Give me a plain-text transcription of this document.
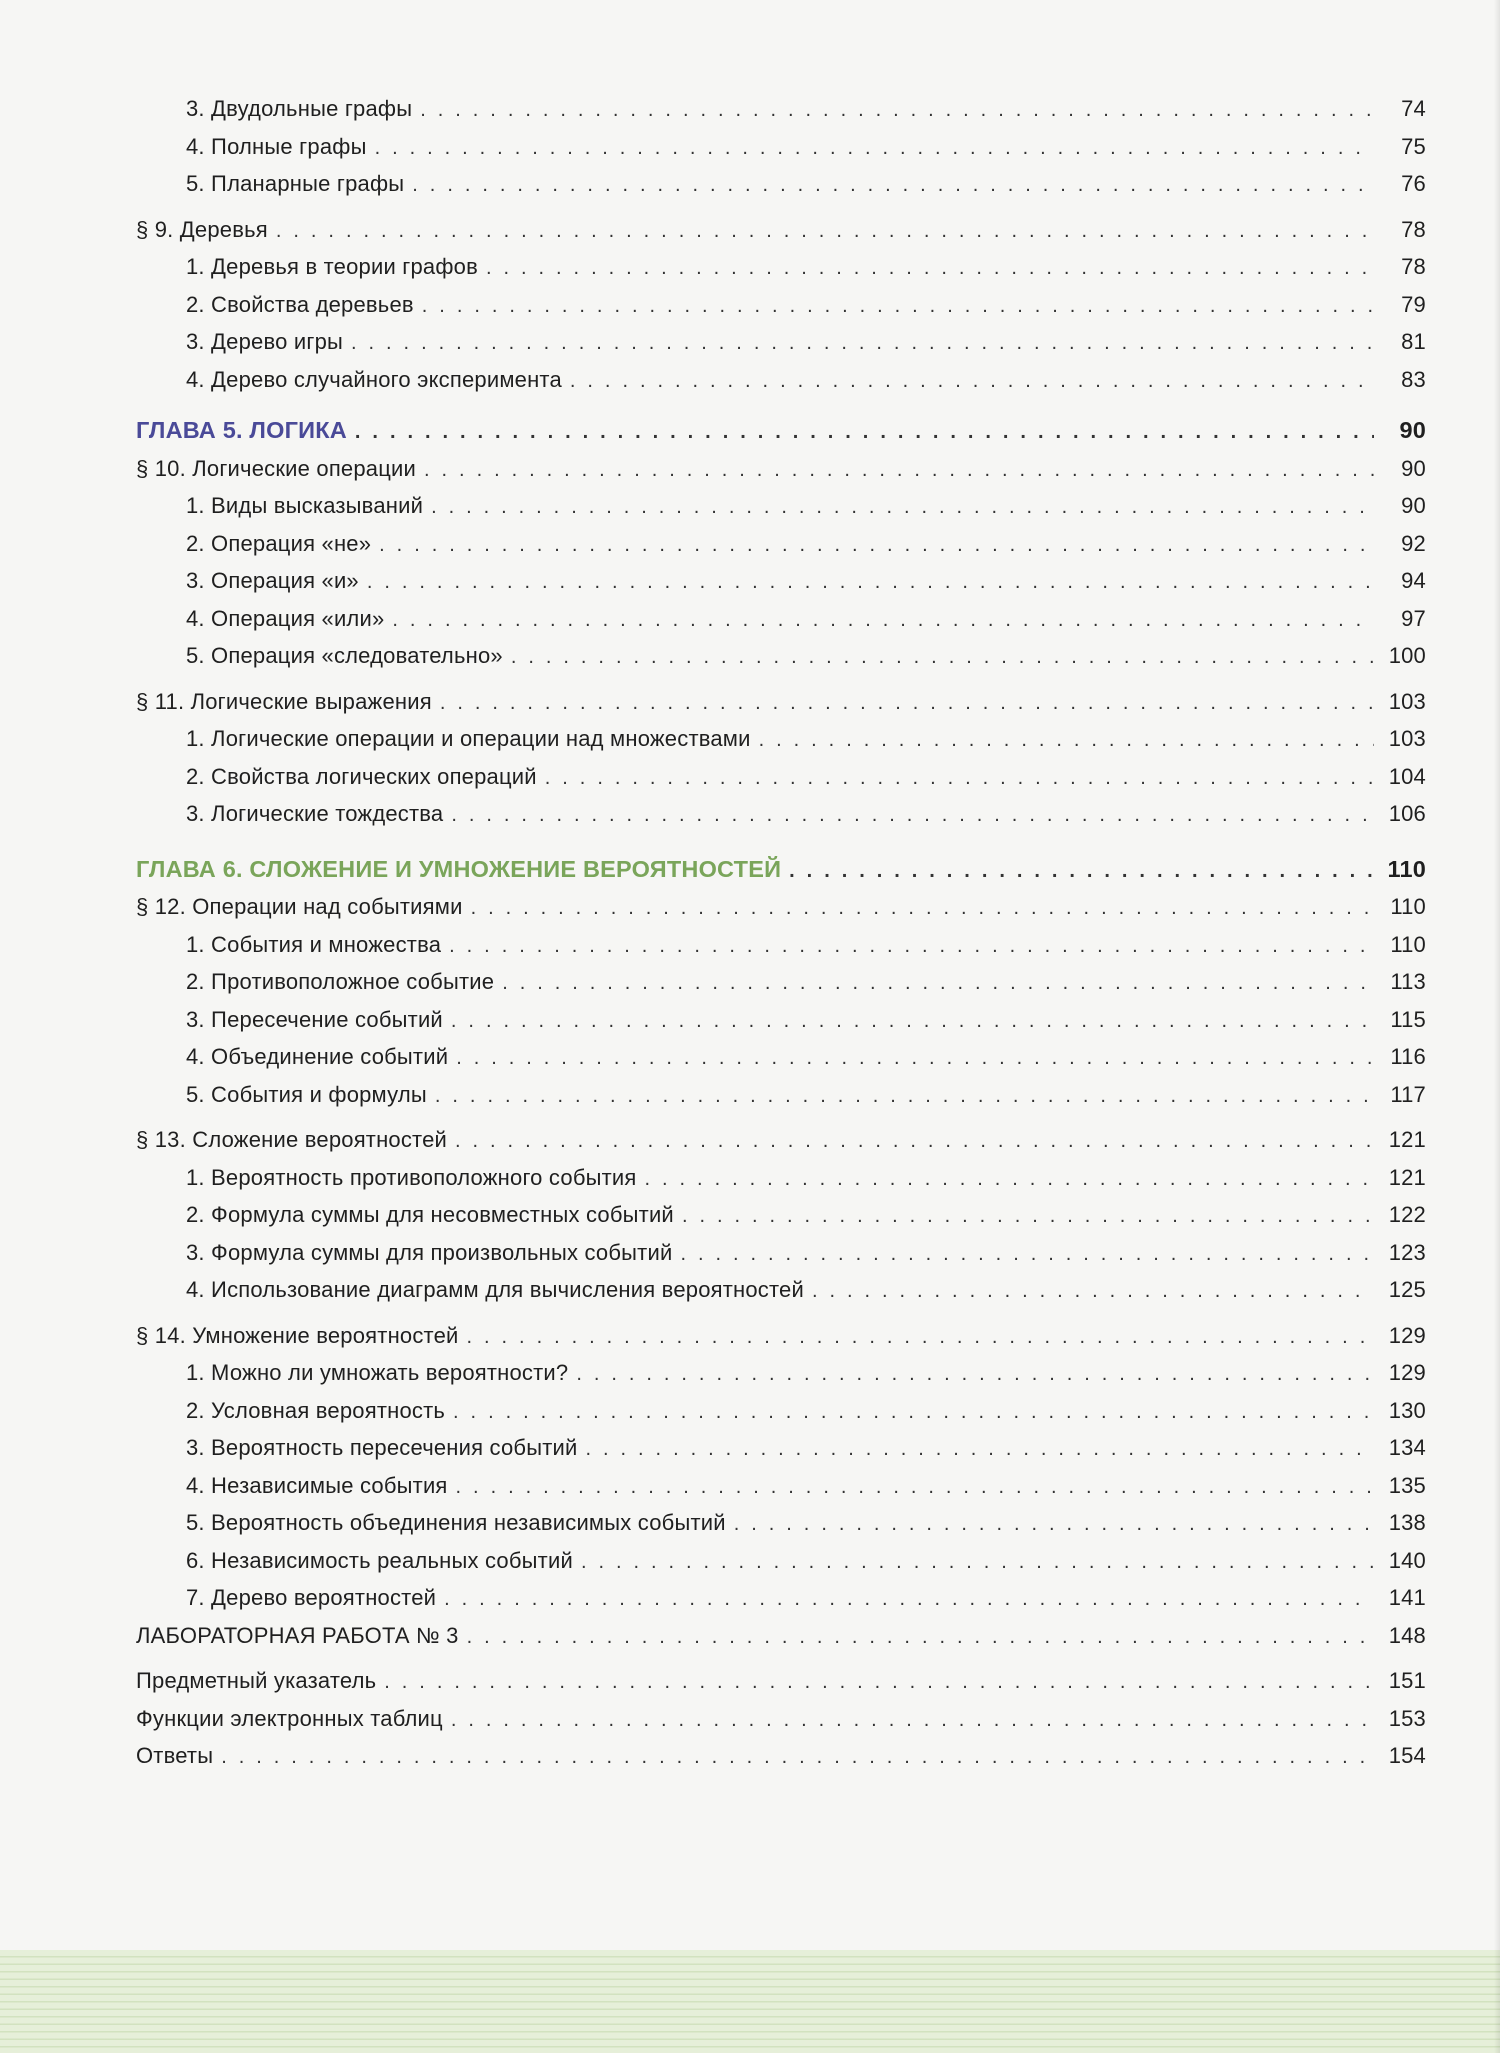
3. Двудольные графы . . .	74
4. Полные графы . . .	75
5. Планарные графы . . .	76
§ 9. Деревья . . .	78
1. Деревья в теории графов . . .	78
2. Свойства деревьев . . .	79
3. Дерево игры . . .	81
4. Дерево случайного эксперимента . . .	83
ГЛАВА 5. ЛОГИКА . . .	90
§ 10. Логические операции . . .	90
1. Виды высказываний . . .	90
2. Операция «не» . . .	92
3. Операция «и» . . .	94
4. Операция «или» . . .	97
5. Операция «следовательно» . . .	100
§ 11. Логические выражения . . .	103
1. Логические операции и операции над множествами . . .	103
2. Свойства логических операций . . .	104
3. Логические тождества . . .	106
ГЛАВА 6. СЛОЖЕНИЕ И УМНОЖЕНИЕ ВЕРОЯТНОСТЕЙ . . .	110
§ 12. Операции над событиями . . .	110
1. События и множества . . .	110
2. Противоположное событие . . .	113
3. Пересечение событий . . .	115
4. Объединение событий . . .	116
5. События и формулы . . .	117
§ 13. Сложение вероятностей . . .	121
1. Вероятность противоположного события . . .	121
2. Формула суммы для несовместных событий . . .	122
3. Формула суммы для произвольных событий . . .	123
4. Использование диаграмм для вычисления вероятностей . . .	125
§ 14. Умножение вероятностей . . .	129
1. Можно ли умножать вероятности? . . .	129
2. Условная вероятность . . .	130
3. Вероятность пересечения событий . . .	134
4. Независимые события . . .	135
5. Вероятность объединения независимых событий . . .	138
6. Независимость реальных событий . . .	140
7. Дерево вероятностей . . .	141
ЛАБОРАТОРНАЯ РАБОТА № 3 . . .	148
Предметный указатель . . .	151
Функции электронных таблиц . . .	153
Ответы . . .	154
